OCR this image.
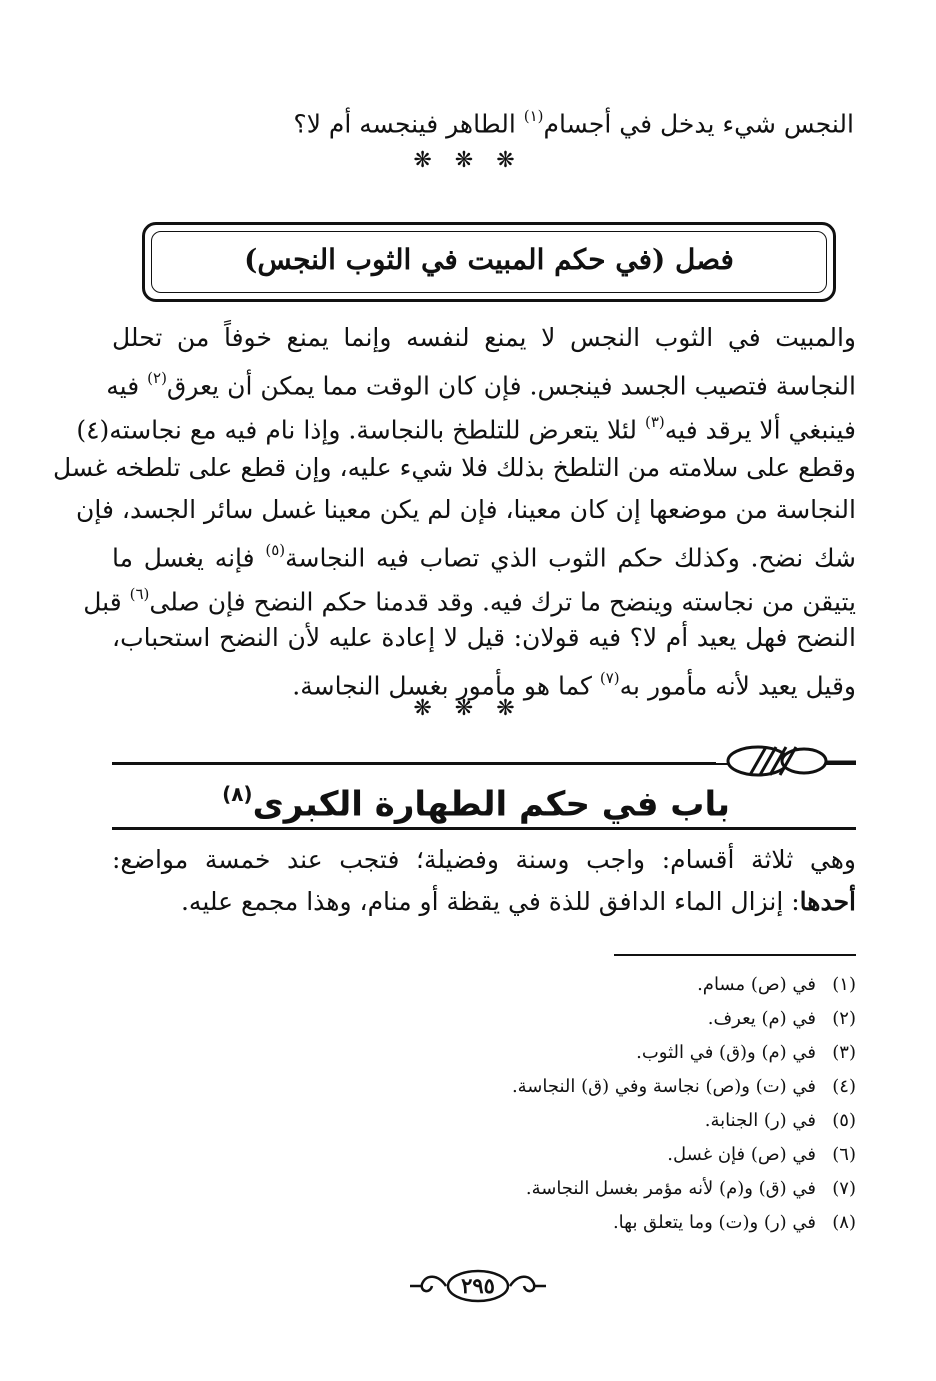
النجس شيء يدخل في أجسام$^{(١)}$ الطاهر فينجسه أم لا؟
❋ ❋ ❋
فصل (في حكم المبيت في الثوب النجس)
والمبيت في الثوب النجس لا يمنع لنفسه وإنما يمنع خوفاً من تحلل
النجاسة فتصيب الجسد فينجس. فإن كان الوقت مما يمكن أن يعرق$^{(٢)}$ فيه
فينبغي ألا يرقد فيه$^{(٣)}$ لئلا يتعرض للتلطخ بالنجاسة. وإذا نام فيه مع نجاسته(٤)
وقطع على سلامته من التلطخ بذلك فلا شيء عليه، وإن قطع على تلطخه غسل
النجاسة من موضعها إن كان معينا، فإن لم يكن معينا غسل سائر الجسد، فإن
شك نضح. وكذلك حكم الثوب الذي تصاب فيه النجاسة$^{(٥)}$ فإنه يغسل ما
يتيقن من نجاسته وينضح ما ترك فيه. وقد قدمنا حكم النضح فإن صلى$^{(٦)}$ قبل
النضح فهل يعيد أم لا؟ فيه قولان: قيل لا إعادة عليه لأن النضح استحباب،
وقيل يعيد لأنه مأمور به$^{(٧)}$ كما هو مأمور بغسل النجاسة.
❋ ❋ ❋
باب في حكم الطهارة الكبرى$^{(٨)}$
وهي ثلاثة أقسام: واجب وسنة وفضيلة؛ فتجب عند خمسة مواضع:
أحدها: إنزال الماء الدافق للذة في يقظة أو منام، وهذا مجمع عليه.
(١)في (ص) مسام.
(٢)في (م) يعرف.
(٣)في (م) و(ق) في الثوب.
(٤)في (ت) و(ص) نجاسة وفي (ق) النجاسة.
(٥)في (ر) الجنابة.
(٦)في (ص) فإن غسل.
(٧)في (ق) و(م) لأنه مؤمر بغسل النجاسة.
(٨)في (ر) و(ت) وما يتعلق بها.
٢٩٥
